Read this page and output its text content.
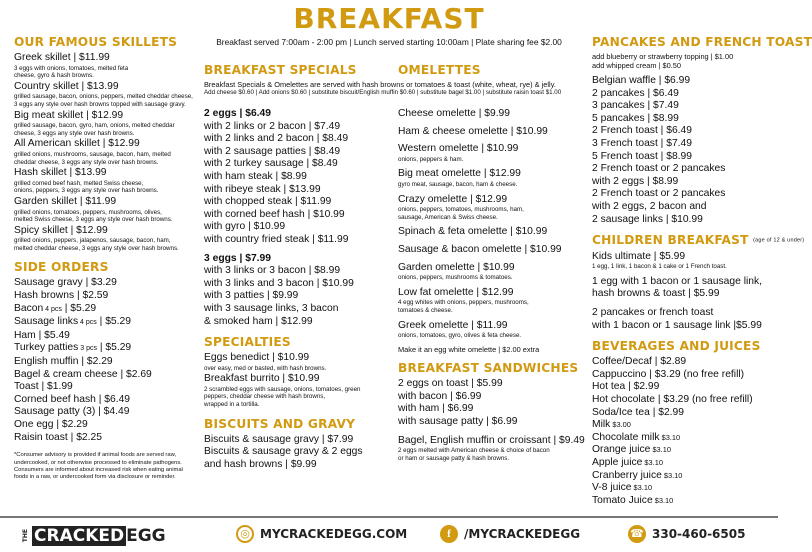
BREAKFAST
Breakfast served 7:00am - 2:00 pm | Lunch served starting 10:00am | Plate sharing fee $2.00
OUR FAMOUS SKILLETS
Greek skillet | $11.99
3 eggs with onions, tomatoes, melted feta
cheese, gyro & hash browns.
Country skillet | $13.99
grilled sausage, bacon, onions, peppers, melted cheddar cheese,
3 eggs any style over hash browns topped with sausage gravy.
Big meat skillet | $12.99
grilled sausage, bacon, gyro, ham, onions, melted cheddar
cheese, 3 eggs any style over hash browns.
All American skillet | $12.99
grilled onions, mushrooms, sausage, bacon, ham, melted
cheddar cheese, 3 eggs any style over hash browns.
Hash skillet | $13.99
grilled corned beef hash, melted Swiss cheese,
onions, peppers, 3 eggs any style over hash browns.
Garden skillet | $11.99
grilled onions, tomatoes, peppers, mushrooms, olives,
melted Swiss cheese, 3 eggs any style over hash browns.
Spicy skillet | $12.99
grilled onions, peppers, jalapenos, sausage, bacon, ham,
melted cheddar cheese, 3 eggs any style over hash browns.
SIDE ORDERS
Sausage gravy | $3.29
Hash browns | $2.59
Bacon 4 pcs | $5.29
Sausage links 4 pcs | $5.29
Ham | $5.49
Turkey patties 3 pcs | $5.29
English muffin | $2.29
Bagel & cream cheese | $2.69
Toast | $1.99
Corned beef hash | $6.49
Sausage patty (3) | $4.49
One egg | $2.29
Raisin toast | $2.25
*Consumer advisory is provided if animal foods are served raw, undercooked, or not otherwise processed to eliminate pathogens. Consumers are informed about increased risk when eating animal foods in a raw, or undercooked form via disclosure or reminder.
BREAKFAST SPECIALS
Breakfast Specials & Omelettes are served with hash browns or tomatoes & toast (white, wheat, rye) & jelly.
Add cheese $0.60 | Add onions $0.60 | substitute biscuit/English muffin $0.60 | substitute bagel $1.00 | substitute raisin toast $1.00
2 eggs | $6.49
with 2 links or 2 bacon | $7.49
with 2 links and 2 bacon | $8.49
with 2 sausage patties | $8.49
with 2 turkey sausage | $8.49
with ham steak | $8.99
with ribeye steak | $13.99
with chopped steak | $11.99
with corned beef hash | $10.99
with gyro | $10.99
with country fried steak | $11.99
3 eggs | $7.99
with 3 links or 3 bacon | $8.99
with 3 links and 3 bacon | $10.99
with 3 patties | $9.99
with 3 sausage links, 3 bacon
& smoked ham | $12.99
SPECIALTIES
Eggs benedict | $10.99
over easy, med or basted, with hash browns.
Breakfast burrito | $10.99
2 scrambled eggs with sausage, onions, tomatoes, green
peppers, cheddar cheese with hash browns,
wrapped in a tortilla.
BISCUITS AND GRAVY
Biscuits & sausage gravy | $7.99
Biscuits & sausage gravy & 2 eggs
and hash browns | $9.99
OMELETTES
Cheese omelette | $9.99
Ham & cheese omelette | $10.99
Western omelette | $10.99
onions, peppers & ham.
Big meat omelette | $12.99
gyro meat, sausage, bacon, ham & cheese.
Crazy omelette | $12.99
onions, peppers, tomatoes, mushrooms, ham,
sausage, American & Swiss cheese.
Spinach & feta omelette | $10.99
Sausage & bacon omelette | $10.99
Garden omelette | $10.99
onions, peppers, mushrooms & tomatoes.
Low fat omelette | $12.99
4 egg whites with onions, peppers, mushrooms,
tomatoes & cheese.
Greek omelette | $11.99
onions, tomatoes, gyro, olives & feta cheese.
Make it an egg white omelette | $2.00 extra
BREAKFAST SANDWICHES
2 eggs on toast | $5.99
with bacon | $6.99
with ham | $6.99
with sausage patty | $6.99
Bagel, English muffin or croissant | $9.49
2 eggs melted with American cheese & choice of bacon
or ham or sausage patty & hash browns.
PANCAKES AND FRENCH TOAST
add blueberry or strawberry topping | $1.00
add whipped cream | $0.50
Belgian waffle | $6.99
2 pancakes | $6.49
3 pancakes | $7.49
5 pancakes | $8.99
2 French toast | $6.49
3 French toast | $7.49
5 French toast | $8.99
2 French toast or 2 pancakes
with 2 eggs | $8.99
2 French toast or 2 pancakes
with 2 eggs, 2 bacon and
2 sausage links | $10.99
CHILDREN BREAKFAST (age of 12 & under)
Kids ultimate | $5.99
1 egg, 1 link, 1 bacon & 1 cake or 1 French toast.
1 egg with 1 bacon or 1 sausage link,
hash browns & toast | $5.99
2 pancakes or french toast
with 1 bacon or 1 sausage link |$5.99
BEVERAGES AND JUICES
Coffee/Decaf | $2.89
Cappuccino | $3.29 (no free refill)
Hot tea | $2.99
Hot chocolate | $3.29 (no free refill)
Soda/Ice tea | $2.99
Milk $3.00
Chocolate milk $3.10
Orange juice $3.10
Apple juice $3.10
Cranberry juice $3.10
V-8 juice $3.10
Tomato Juice $3.10
THE CRACKED EGG	◎ MYCRACKEDEGG.COM	f	/MYCRACKEDEGG	☎ 330-460-6505
